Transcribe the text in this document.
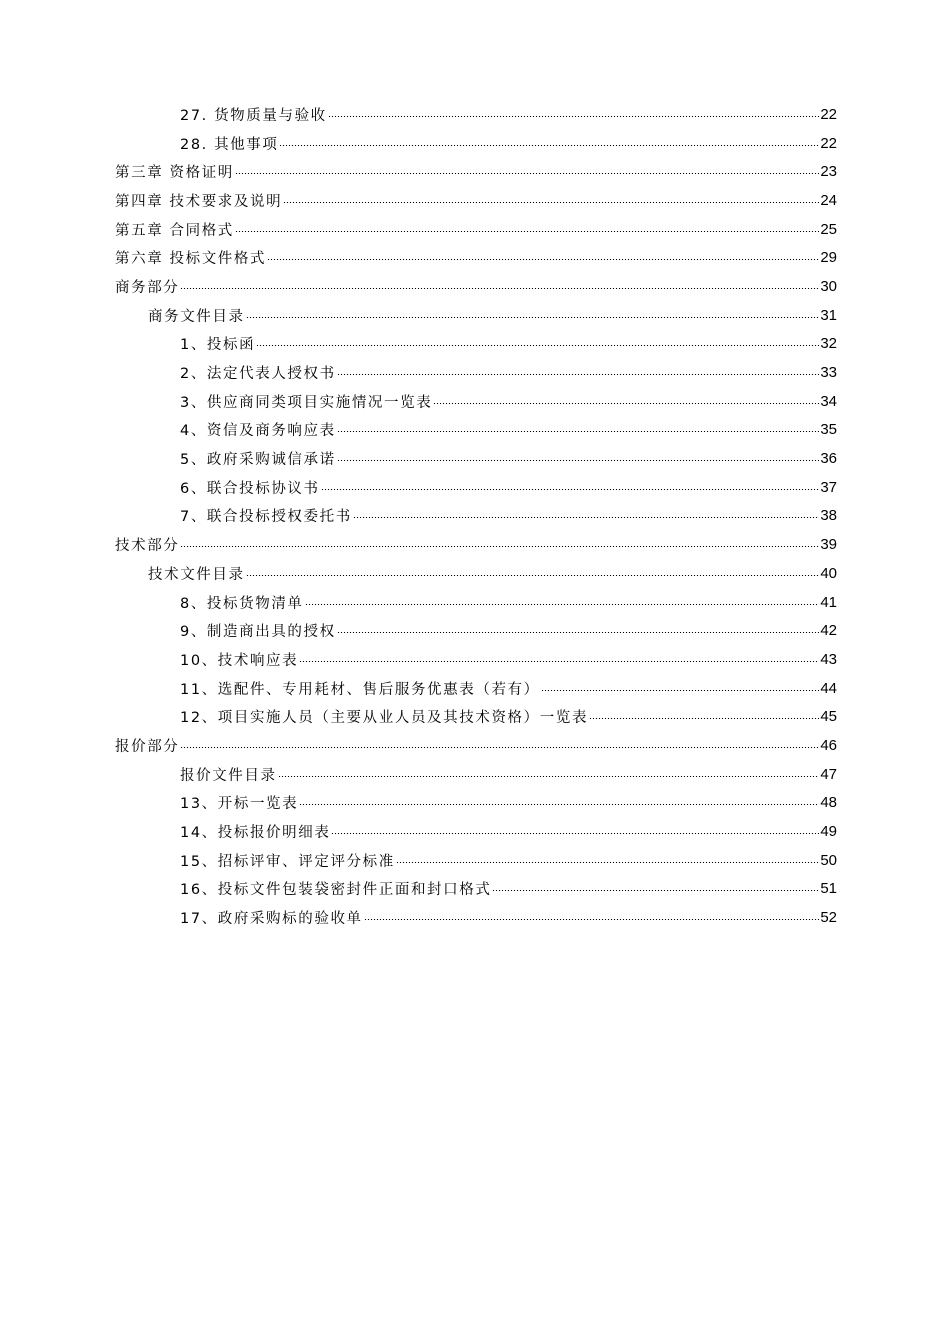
27. 货物质量与验收	22
28. 其他事项	22
第三章 资格证明	23
第四章 技术要求及说明	24
第五章 合同格式	25
第六章 投标文件格式	29
商务部分	30
商务文件目录	31
1、投标函	32
2、法定代表人授权书	33
3、供应商同类项目实施情况一览表	34
4、资信及商务响应表	35
5、政府采购诚信承诺	36
6、联合投标协议书	37
7、联合投标授权委托书	38
技术部分	39
技术文件目录	40
8、投标货物清单	41
9、制造商出具的授权	42
10、技术响应表	43
11、选配件、专用耗材、售后服务优惠表（若有）	44
12、项目实施人员（主要从业人员及其技术资格）一览表	45
报价部分	46
报价文件目录	47
13、开标一览表	48
14、投标报价明细表	49
15、招标评审、评定评分标准	50
16、投标文件包装袋密封件正面和封口格式	51
17、政府采购标的验收单	52
